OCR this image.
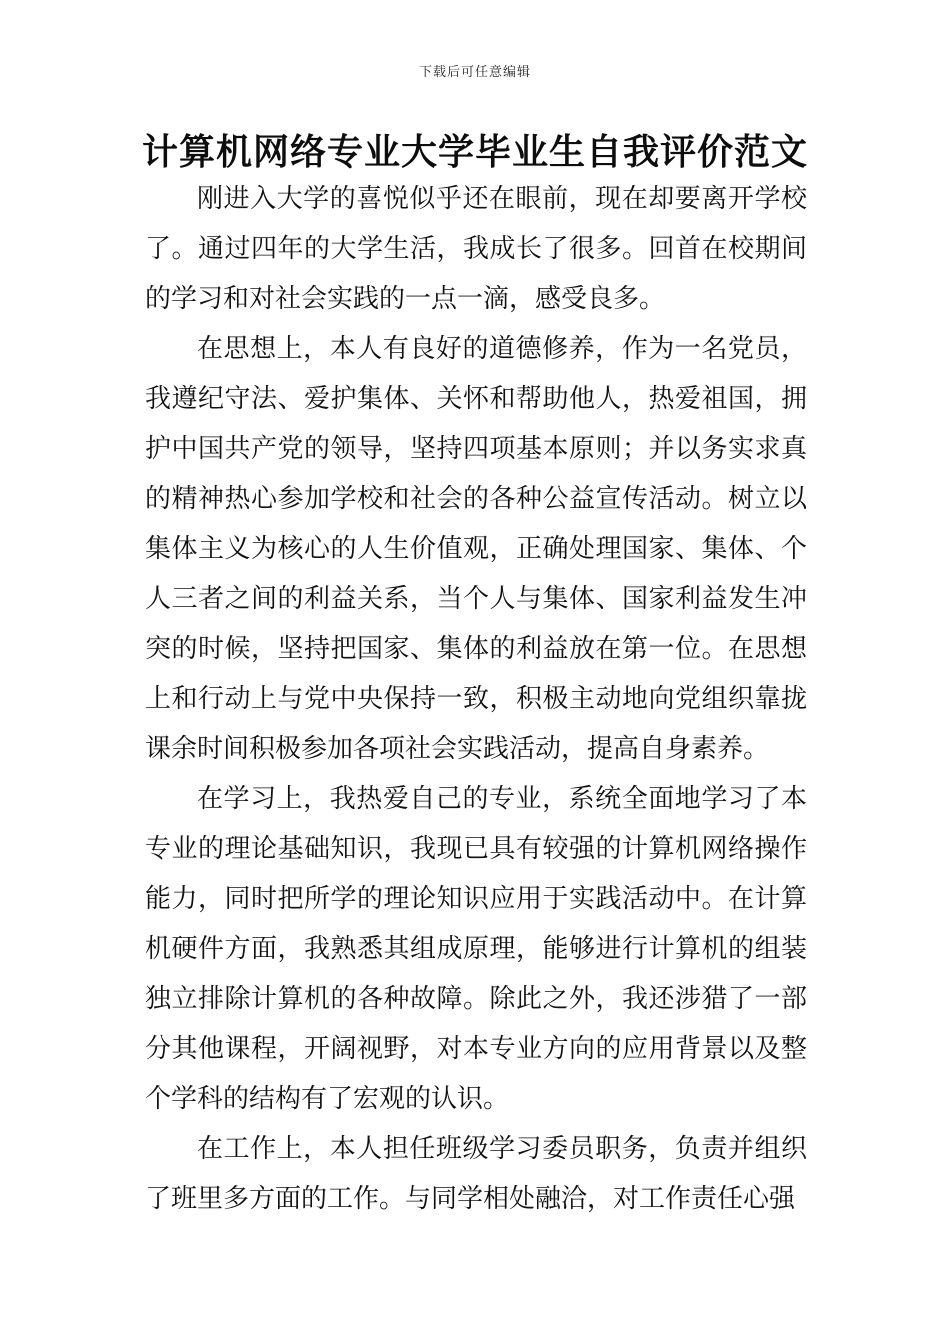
下载后可任意编辑
计算机网络专业大学毕业生自我评价范文

刚进入大学的喜悦似乎还在眼前，现在却要离开学校了。通过四年的大学生活，我成长了很多。回首在校期间的学习和对社会实践的一点一滴，感受良多。

在思想上，本人有良好的道德修养，作为一名党员，我遵纪守法、爱护集体、关怀和帮助他人，热爱祖国，拥护中国共产党的领导，坚持四项基本原则；并以务实求真的精神热心参加学校和社会的各种公益宣传活动。树立以集体主义为核心的人生价值观，正确处理国家、集体、个人三者之间的利益关系，当个人与集体、国家利益发生冲突的时候，坚持把国家、集体的利益放在第一位。在思想上和行动上与党中央保持一致，积极主动地向党组织靠拢课余时间积极参加各项社会实践活动，提高自身素养。

在学习上，我热爱自己的专业，系统全面地学习了本专业的理论基础知识，我现已具有较强的计算机网络操作能力，同时把所学的理论知识应用于实践活动中。在计算机硬件方面，我熟悉其组成原理，能够进行计算机的组装独立排除计算机的各种故障。除此之外，我还涉猎了一部分其他课程，开阔视野，对本专业方向的应用背景以及整个学科的结构有了宏观的认识。

在工作上，本人担任班级学习委员职务，负责并组织了班里多方面的工作。与同学相处融洽，对工作责任心强
